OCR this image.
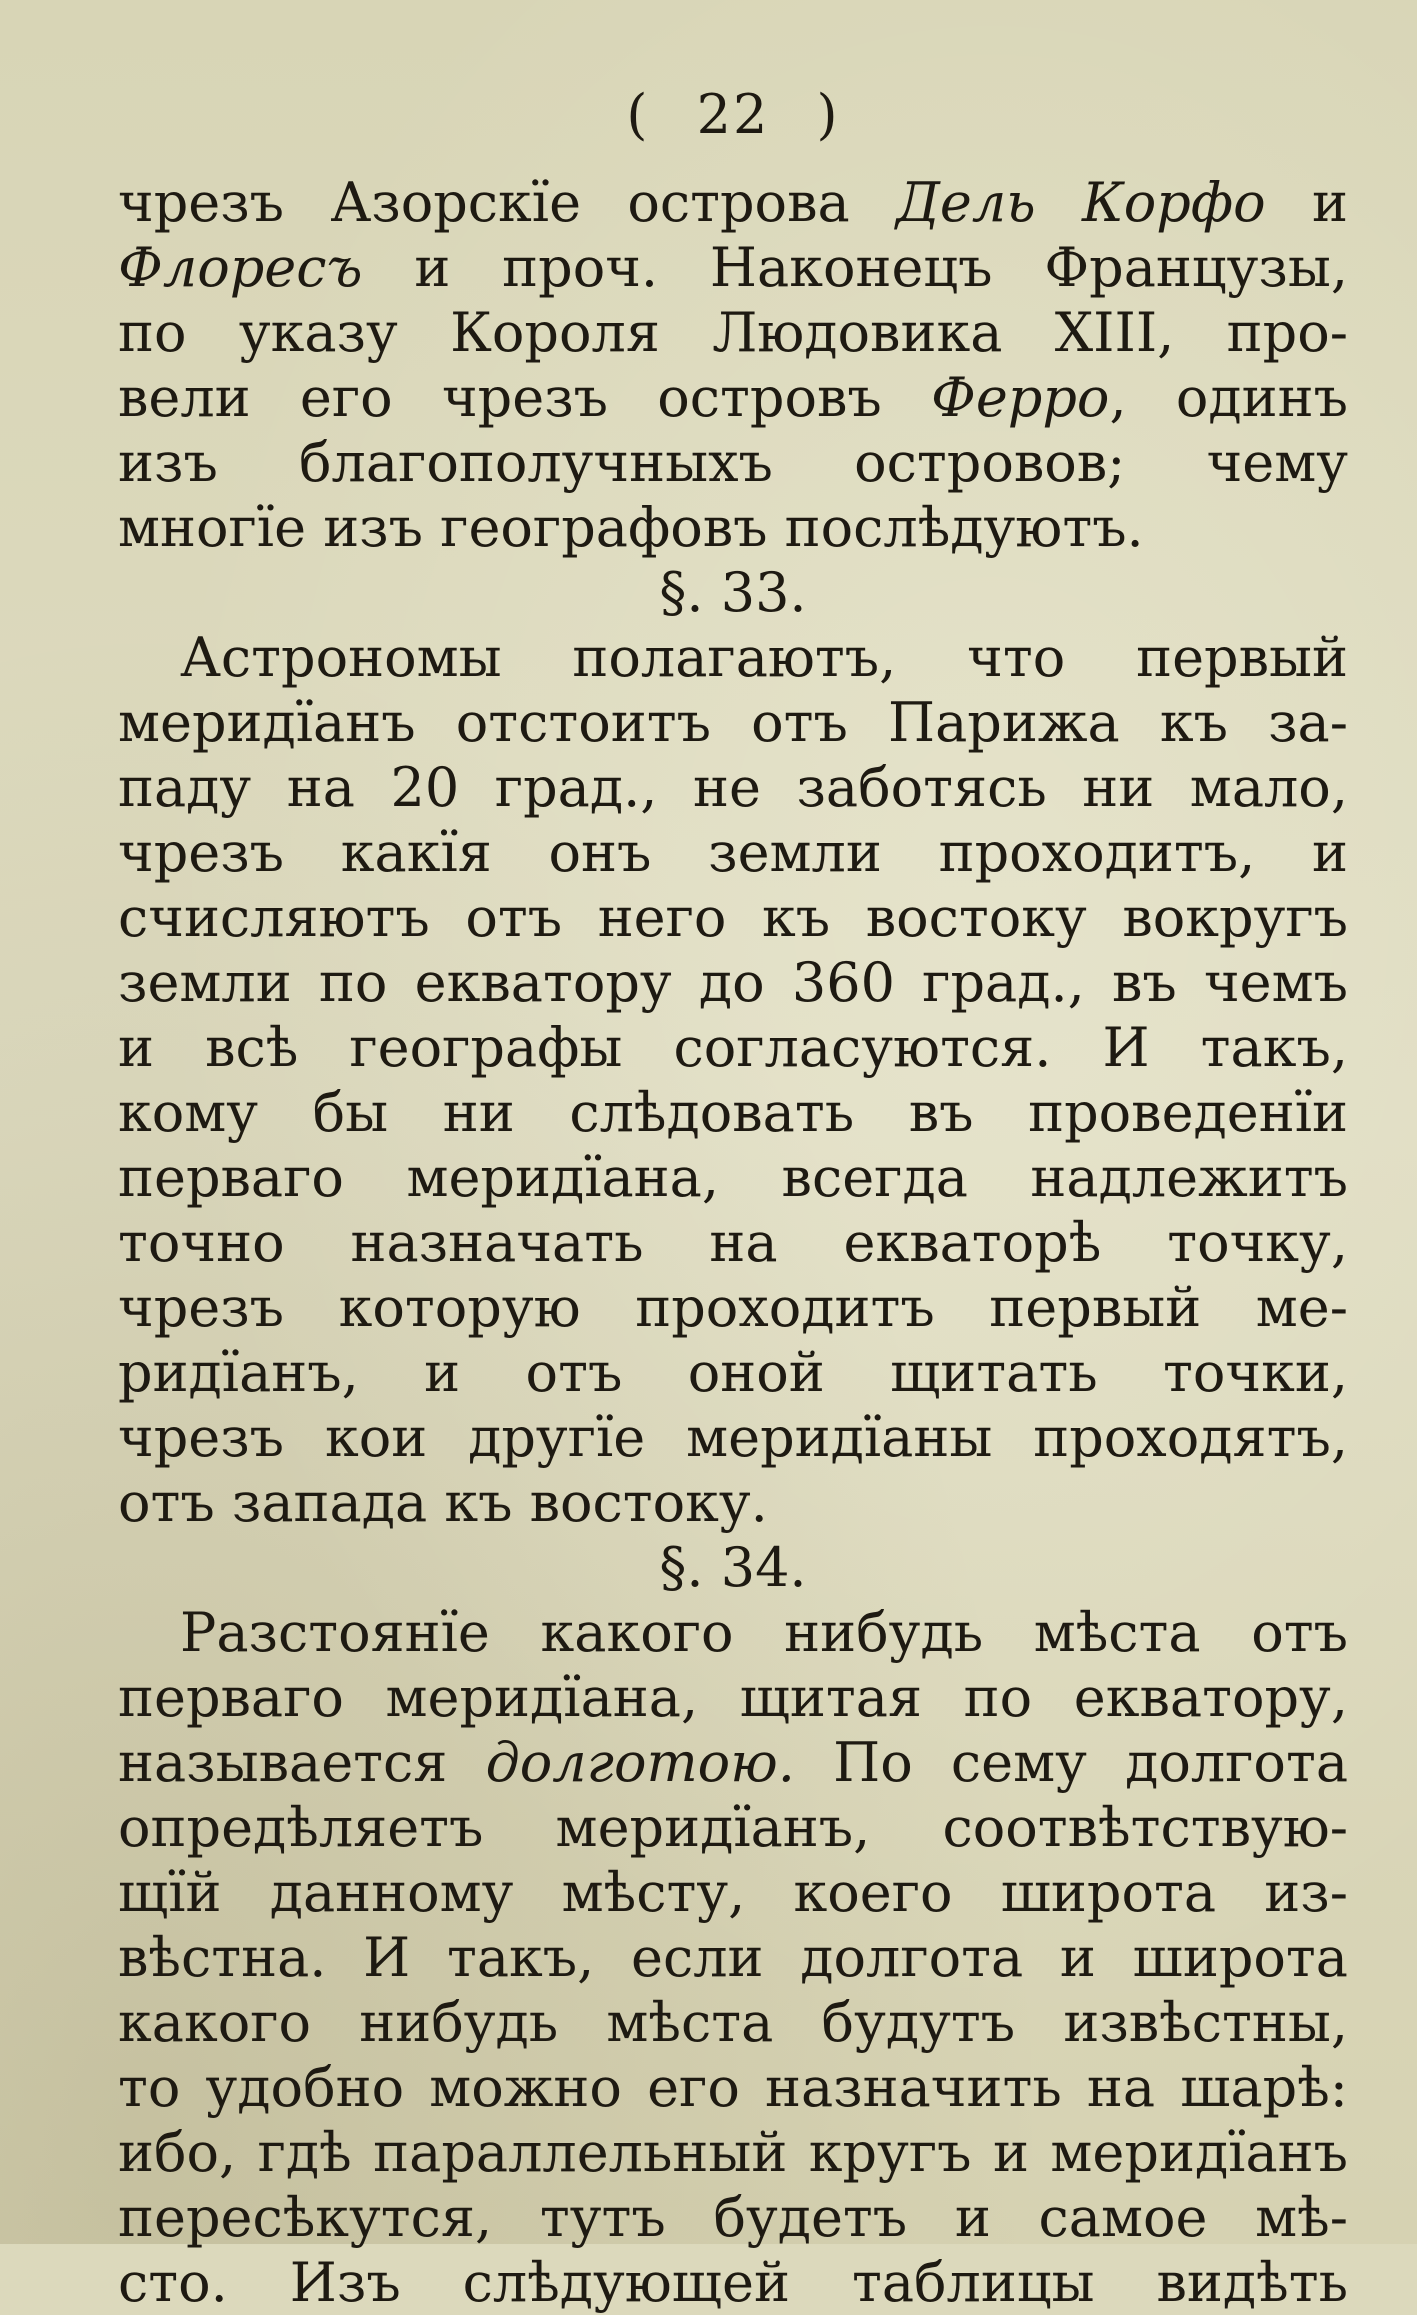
( 22 )
чрезъ Азорскїе острова Дель Корфо и
Флоресъ и проч. Наконецъ Французы,
по указу Короля Людовика XIII, про-
вели его чрезъ островъ Ферро, одинъ
изъ благополучныхъ островов; чему
многїе изъ географовъ послѣдуютъ.
§. 33.
Астрономы полагаютъ, что первый
меридїанъ отстоитъ отъ Парижа къ за-
паду на 20 град., не заботясь ни мало,
чрезъ какїя онъ земли проходитъ, и
счисляютъ отъ него къ востоку вокругъ
земли по екватору до 360 град., въ чемъ
и всѣ географы согласуются. И такъ,
кому бы ни слѣдовать въ проведенїи
перваго меридїана, всегда надлежитъ
точно назначать на екваторѣ точку,
чрезъ которую проходитъ первый ме-
ридїанъ, и отъ оной щитать точки,
чрезъ кои другїе меридїаны проходятъ,
отъ запада къ востоку.
§. 34.
Разстоянїе какого нибудь мѣста отъ
перваго меридїана, щитая по екватору,
называется долготою. По сему долгота
опредѣляетъ меридїанъ, соотвѣтствую-
щїй данному мѣсту, коего широта из-
вѣстна. И такъ, если долгота и широта
какого нибудь мѣста будутъ извѣстны,
то удобно можно его назначить на шарѣ:
ибо, гдѣ параллельный кругъ и меридїанъ
пересѣкутся, тутъ будетъ и самое мѣ-
сто. Изъ слѣдующей таблицы видѣть
